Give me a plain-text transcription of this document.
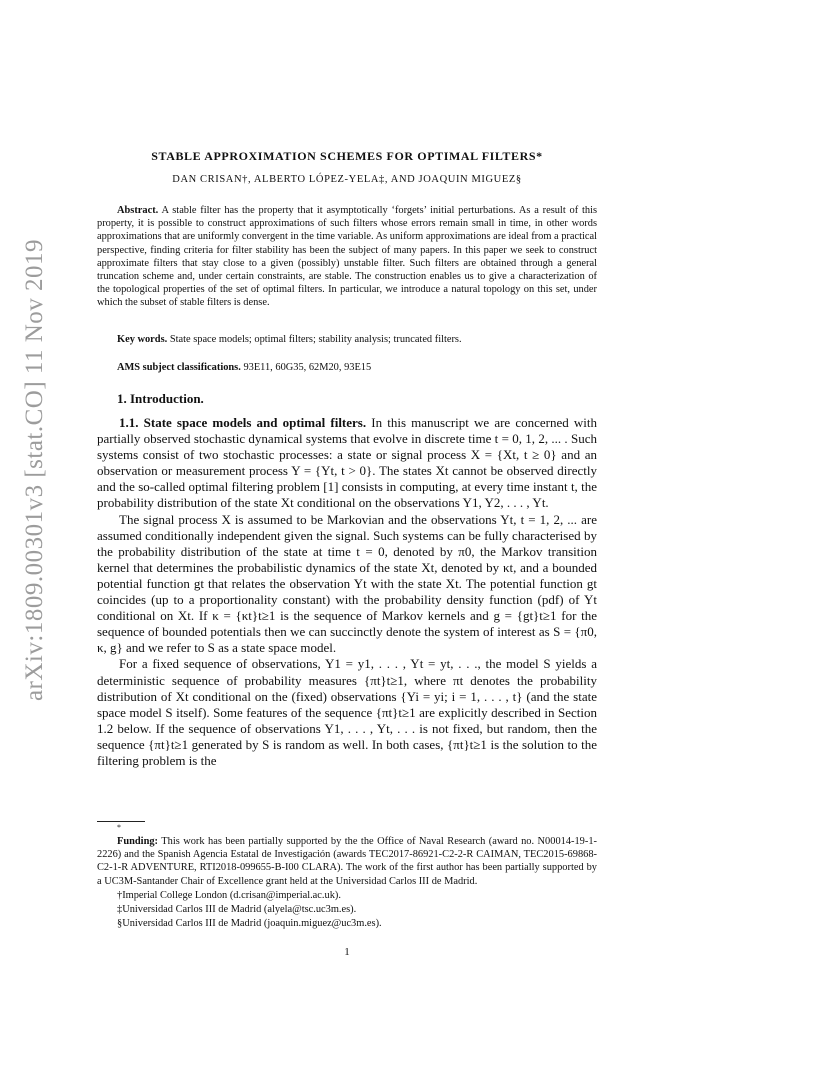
arXiv:1809.00301v3 [stat.CO] 11 Nov 2019
STABLE APPROXIMATION SCHEMES FOR OPTIMAL FILTERS*
DAN CRISAN†, ALBERTO LÓPEZ-YELA‡, AND JOAQUIN MIGUEZ§
Abstract. A stable filter has the property that it asymptotically ‘forgets’ initial perturbations. As a result of this property, it is possible to construct approximations of such filters whose errors remain small in time, in other words approximations that are uniformly convergent in the time variable. As uniform approximations are ideal from a practical perspective, finding criteria for filter stability has been the subject of many papers. In this paper we seek to construct approximate filters that stay close to a given (possibly) unstable filter. Such filters are obtained through a general truncation scheme and, under certain constraints, are stable. The construction enables us to give a characterization of the topological properties of the set of optimal filters. In particular, we introduce a natural topology on this set, under which the subset of stable filters is dense.
Key words. State space models; optimal filters; stability analysis; truncated filters.
AMS subject classifications. 93E11, 60G35, 62M20, 93E15
1. Introduction.

1.1. State space models and optimal filters. In this manuscript we are concerned with partially observed stochastic dynamical systems that evolve in discrete time t = 0, 1, 2, ... . Such systems consist of two stochastic processes: a state or signal process X = {Xt, t ≥ 0} and an observation or measurement process Y = {Yt, t > 0}. The states Xt cannot be observed directly and the so-called optimal filtering problem [1] consists in computing, at every time instant t, the probability distribution of the state Xt conditional on the observations Y1, Y2, . . . , Yt.

The signal process X is assumed to be Markovian and the observations Yt, t = 1, 2, ... are assumed conditionally independent given the signal. Such systems can be fully characterised by the probability distribution of the state at time t = 0, denoted by π0, the Markov transition kernel that determines the probabilistic dynamics of the state Xt, denoted by κt, and a bounded potential function gt that relates the observation Yt with the state Xt. The potential function gt coincides (up to a proportionality constant) with the probability density function (pdf) of Yt conditional on Xt. If κ = {κt}t≥1 is the sequence of Markov kernels and g = {gt}t≥1 for the sequence of bounded potentials then we can succinctly denote the system of interest as S = {π0, κ, g} and we refer to S as a state space model.

For a fixed sequence of observations, Y1 = y1, . . . , Yt = yt, . . ., the model S yields a deterministic sequence of probability measures {πt}t≥1, where πt denotes the probability distribution of Xt conditional on the (fixed) observations {Yi = yi; i = 1, . . . , t} (and the state space model S itself). Some features of the sequence {πt}t≥1 are explicitly described in Section 1.2 below. If the sequence of observations Y1, . . . , Yt, . . . is not fixed, but random, then the sequence {πt}t≥1 generated by S is random as well. In both cases, {πt}t≥1 is the solution to the filtering problem is the

*

Funding: This work has been partially supported by the the Office of Naval Research (award no. N00014-19-1-2226) and the Spanish Agencia Estatal de Investigación (awards TEC2017-86921-C2-2-R CAIMAN, TEC2015-69868-C2-1-R ADVENTURE, RTI2018-099655-B-I00 CLARA). The work of the first author has been partially supported by a UC3M-Santander Chair of Excellence grant held at the Universidad Carlos III de Madrid.

†Imperial College London (d.crisan@imperial.ac.uk).

‡Universidad Carlos III de Madrid (alyela@tsc.uc3m.es).

§Universidad Carlos III de Madrid (joaquin.miguez@uc3m.es).

1
